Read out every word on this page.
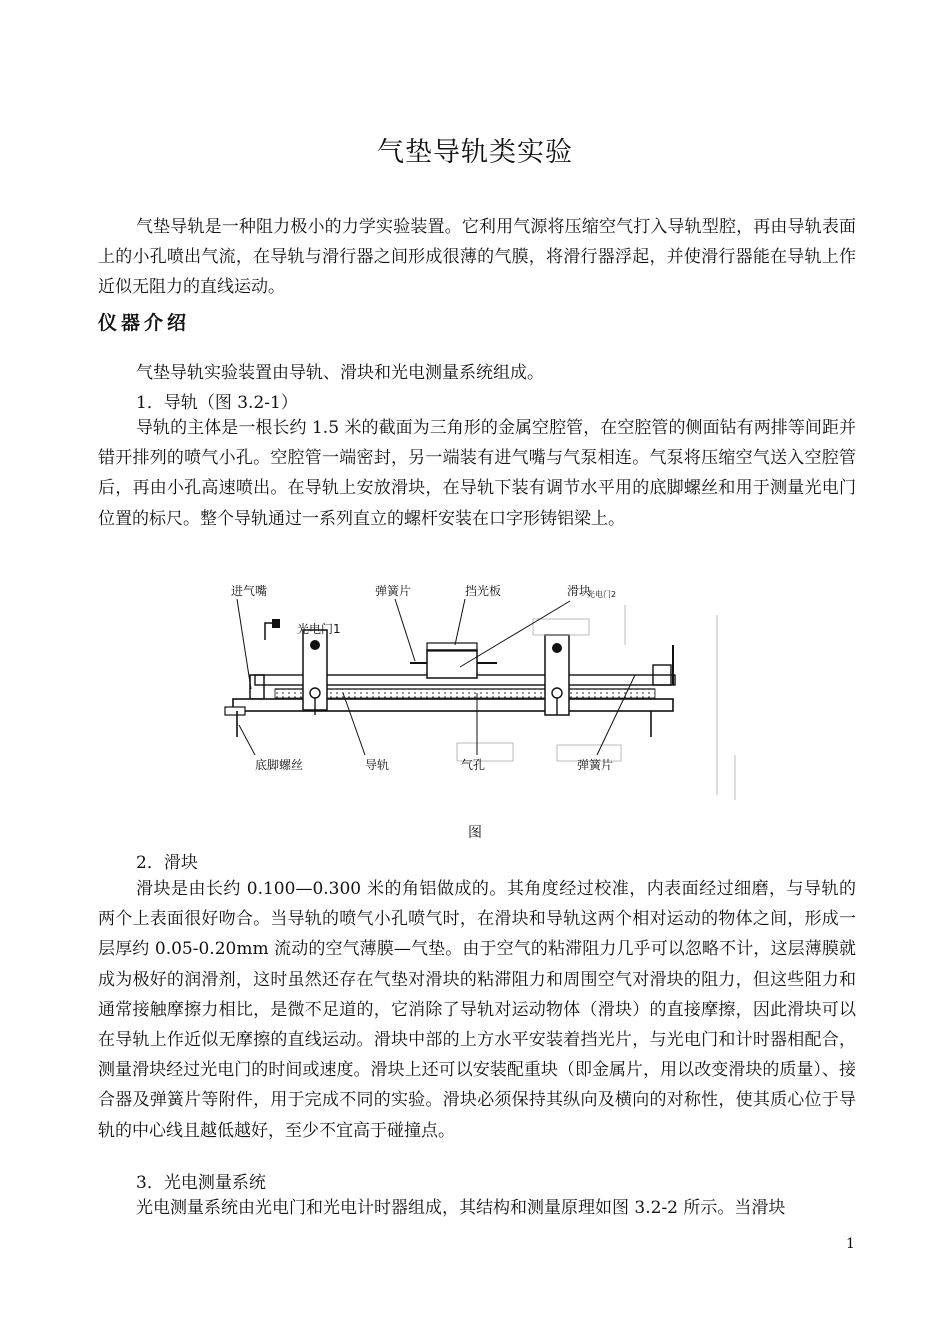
气垫导轨类实验
气垫导轨是一种阻力极小的力学实验装置。它利用气源将压缩空气打入导轨型腔，再由导轨表面上的小孔喷出气流，在导轨与滑行器之间形成很薄的气膜，将滑行器浮起，并使滑行器能在导轨上作近似无阻力的直线运动。
仪器介绍
气垫导轨实验装置由导轨、滑块和光电测量系统组成。
1．导轨（图 3.2-1）
导轨的主体是一根长约 1.5 米的截面为三角形的金属空腔管，在空腔管的侧面钻有两排等间距并错开排列的喷气小孔。空腔管一端密封，另一端装有进气嘴与气泵相连。气泵将压缩空气送入空腔管后，再由小孔高速喷出。在导轨上安放滑块，在导轨下装有调节水平用的底脚螺丝和用于测量光电门位置的标尺。整个导轨通过一系列直立的螺杆安装在口字形铸铝梁上。
进气嘴	弹簧片	挡光板	滑块
光电门1
光电门2
底脚螺丝	导轨	气孔	弹簧片
图
2．滑块
滑块是由长约 0.100—0.300 米的角铝做成的。其角度经过校准，内表面经过细磨，与导轨的两个上表面很好吻合。当导轨的喷气小孔喷气时，在滑块和导轨这两个相对运动的物体之间，形成一层厚约 0.05-0.20mm 流动的空气薄膜—气垫。由于空气的粘滞阻力几乎可以忽略不计，这层薄膜就成为极好的润滑剂，这时虽然还存在气垫对滑块的粘滞阻力和周围空气对滑块的阻力，但这些阻力和通常接触摩擦力相比，是微不足道的，它消除了导轨对运动物体（滑块）的直接摩擦，因此滑块可以在导轨上作近似无摩擦的直线运动。滑块中部的上方水平安装着挡光片，与光电门和计时器相配合，测量滑块经过光电门的时间或速度。滑块上还可以安装配重块（即金属片，用以改变滑块的质量）、接合器及弹簧片等附件，用于完成不同的实验。滑块必须保持其纵向及横向的对称性，使其质心位于导轨的中心线且越低越好，至少不宜高于碰撞点。
3．光电测量系统
光电测量系统由光电门和光电计时器组成，其结构和测量原理如图 3.2-2 所示。当滑块
1
